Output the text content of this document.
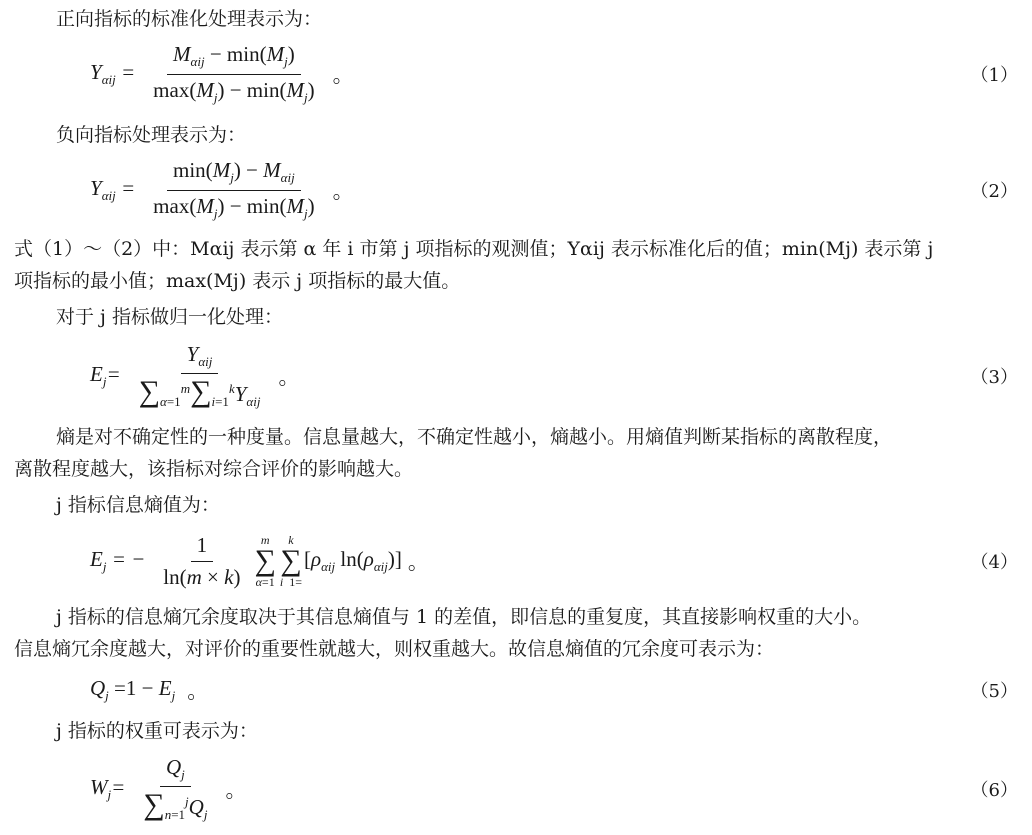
正向指标的标准化处理表示为：
$Y_{\alpha ij} = \frac{M_{\alpha ij} - \min(M_j)}{\max(M_j) - \min(M_j)}$ 。	（1）
负向指标处理表示为：
$Y_{\alpha ij} = \frac{\min(M_j) - M_{\alpha ij}}{\max(M_j) - \min(M_j)}$ 。	（2）
式（1）～（2）中：Mαij 表示第 α 年 i 市第 j 项指标的观测值；Yαij 表示标准化后的值；min(Mj) 表示第 j
项指标的最小值；max(Mj) 表示 j 项指标的最大值。
对于 j 指标做归一化处理：
$E_j= \frac{Y_{\alpha ij}}{\sum_{\alpha=1}^m\sum_{i=1}^kY_{\alpha ij}}$ 。	（3）
熵是对不确定性的一种度量。信息量越大，不确定性越小，熵越小。用熵值判断某指标的离散程度，
离散程度越大，该指标对综合评价的影响越大。
j 指标信息熵值为：
$E_j$ = − $\frac{1}{\ln(m \times k)}$ m
∑
α=1
k
∑
i  1=
[$\rho_{\alpha ij}$ $\ln(\rho_{\alpha ij})$] 。	（4）
j 指标的信息熵冗余度取决于其信息熵值与 1 的差值，即信息的重复度，其直接影响权重的大小。
信息熵冗余度越大，对评价的重要性就越大，则权重越大。故信息熵值的冗余度可表示为：
$Q_j =1 - E_j$ 。	（5）
j 指标的权重可表示为：
$W_j= \frac{Q_j}{\sum_{n=1}^jQ_j}$ 。	（6）
